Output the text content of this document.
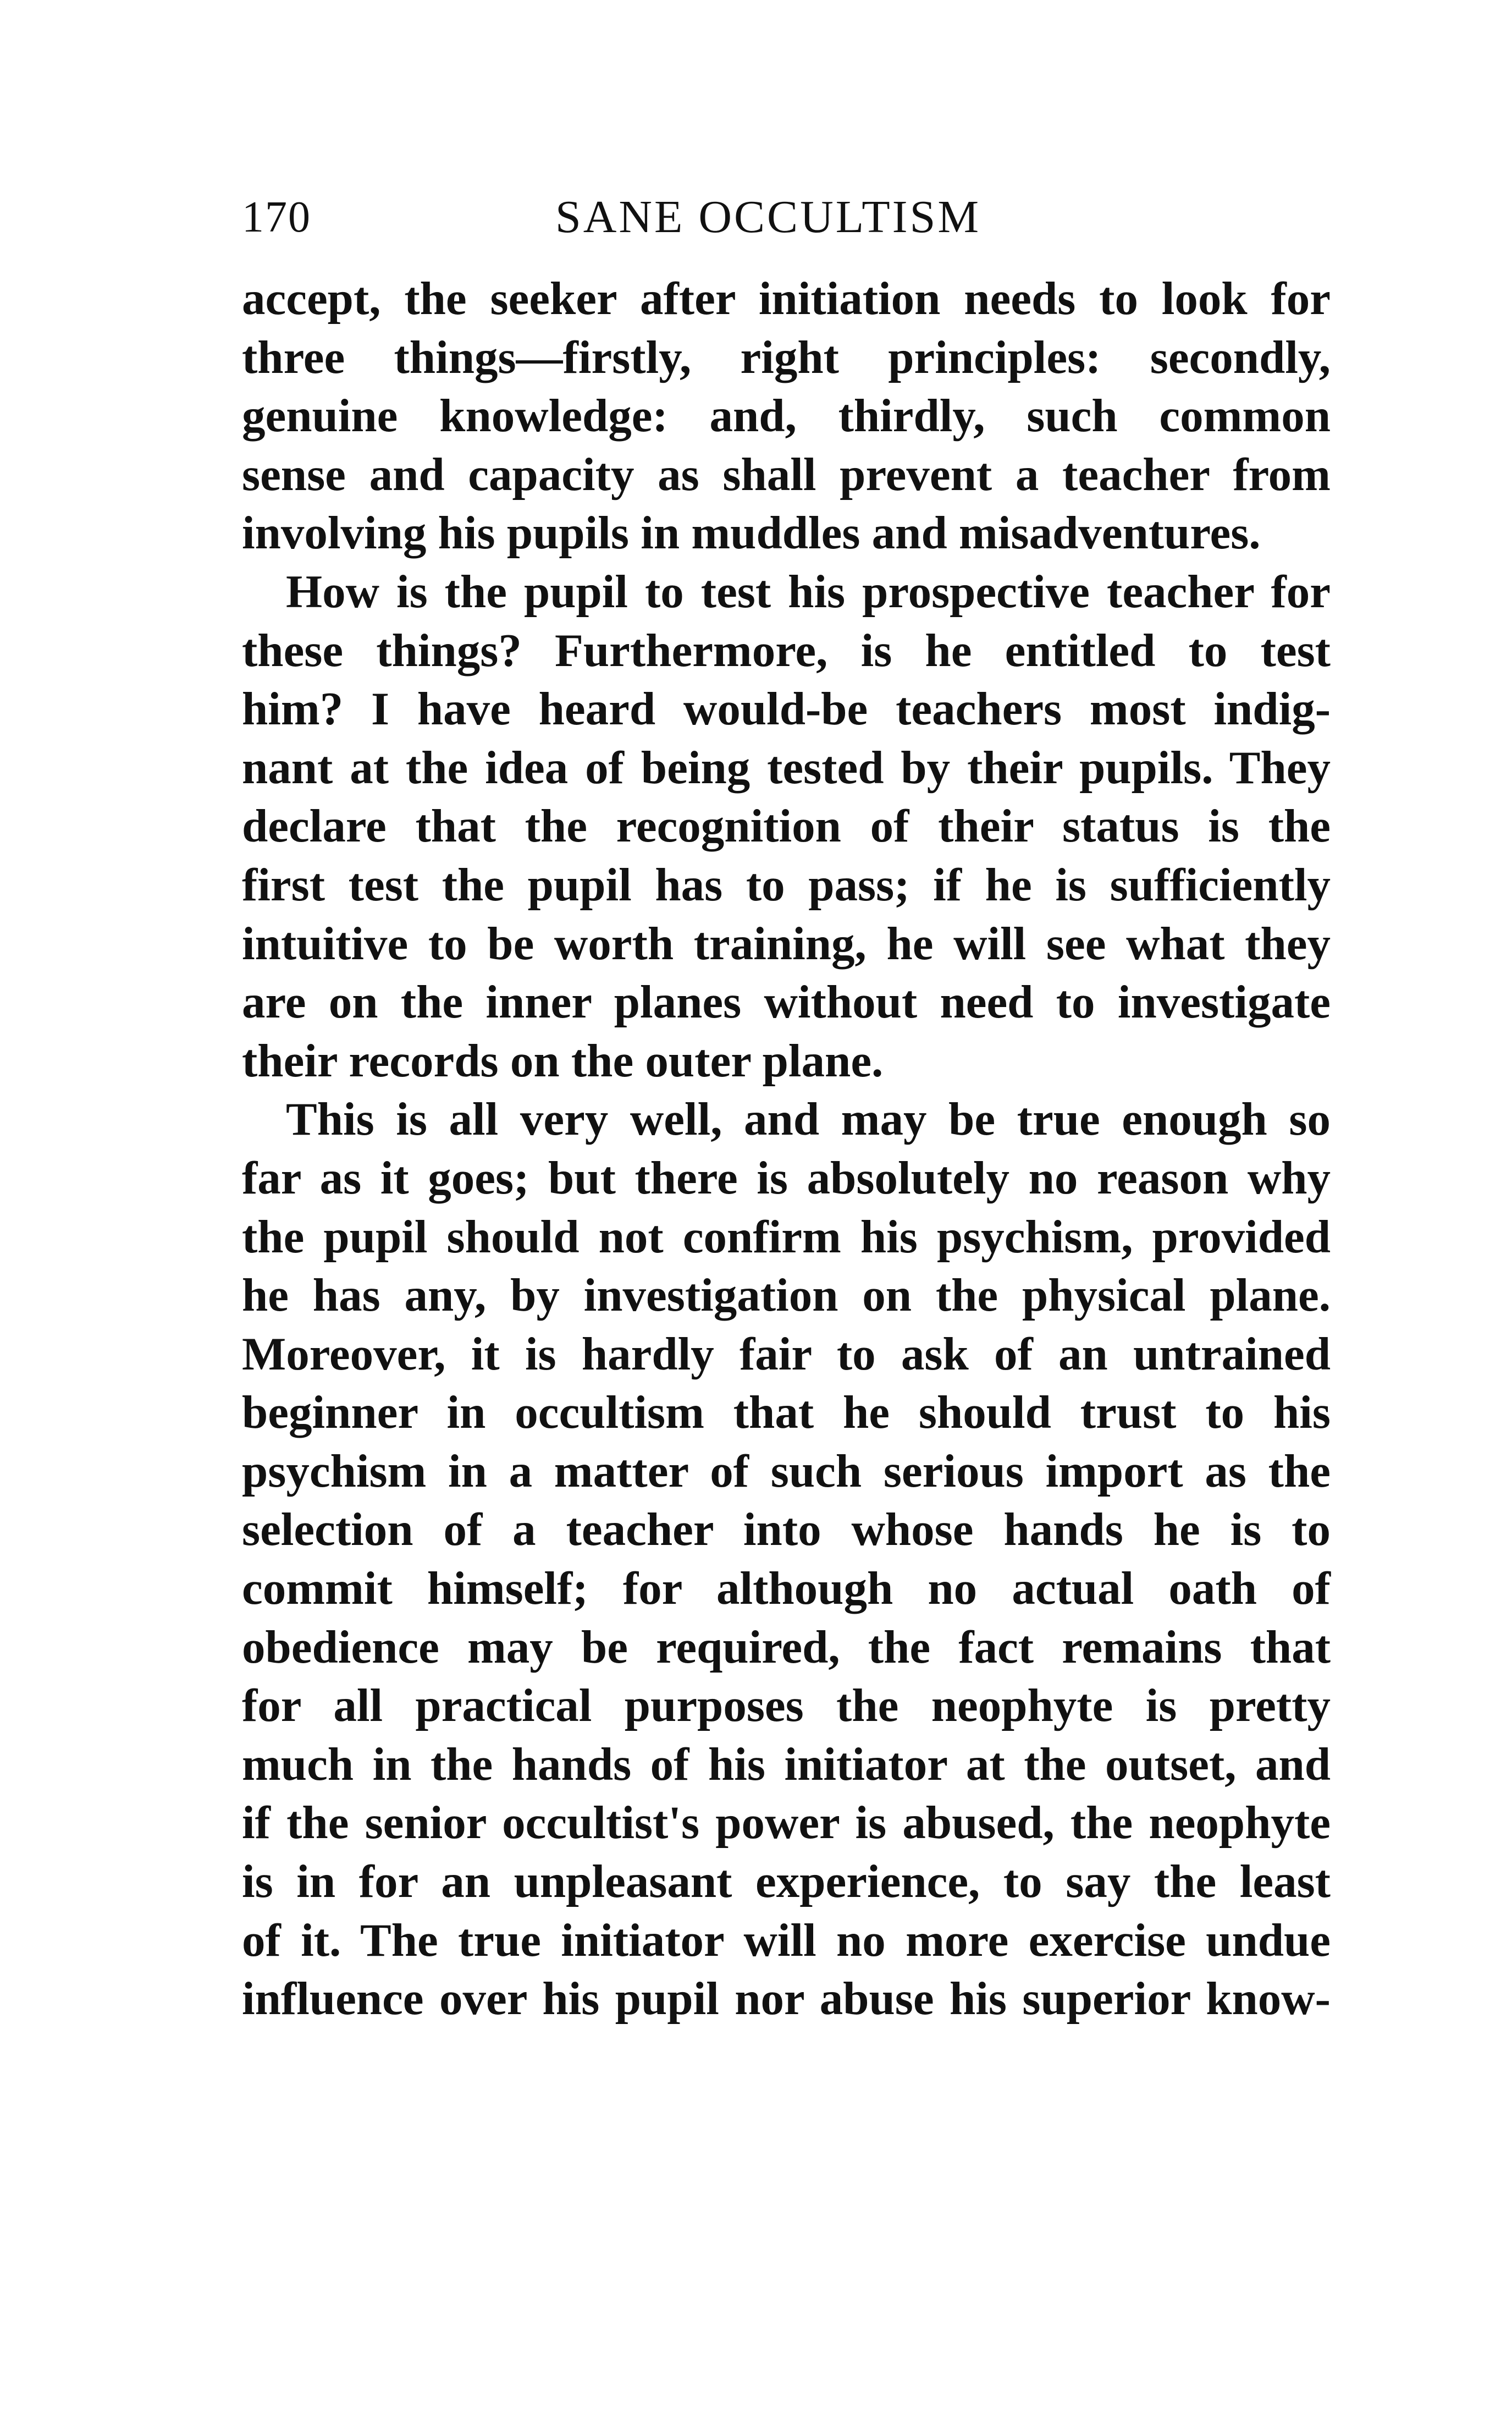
170	SANE OCCULTISM
accept, the seeker after initiation needs to look for
three things—firstly, right principles: secondly,
genuine knowledge: and, thirdly, such common
sense and capacity as shall prevent a teacher from
involving his pupils in muddles and misadventures.
How is the pupil to test his prospective teacher for
these things? Furthermore, is he entitled to test
him? I have heard would-be teachers most indig-
nant at the idea of being tested by their pupils. They
declare that the recognition of their status is the
first test the pupil has to pass; if he is sufficiently
intuitive to be worth training, he will see what they
are on the inner planes without need to investigate
their records on the outer plane.
This is all very well, and may be true enough so
far as it goes; but there is absolutely no reason why
the pupil should not confirm his psychism, provided
he has any, by investigation on the physical plane.
Moreover, it is hardly fair to ask of an untrained
beginner in occultism that he should trust to his
psychism in a matter of such serious import as the
selection of a teacher into whose hands he is to
commit himself; for although no actual oath of
obedience may be required, the fact remains that
for all practical purposes the neophyte is pretty
much in the hands of his initiator at the outset, and
if the senior occultist's power is abused, the neophyte
is in for an unpleasant experience, to say the least
of it. The true initiator will no more exercise undue
influence over his pupil nor abuse his superior know-
